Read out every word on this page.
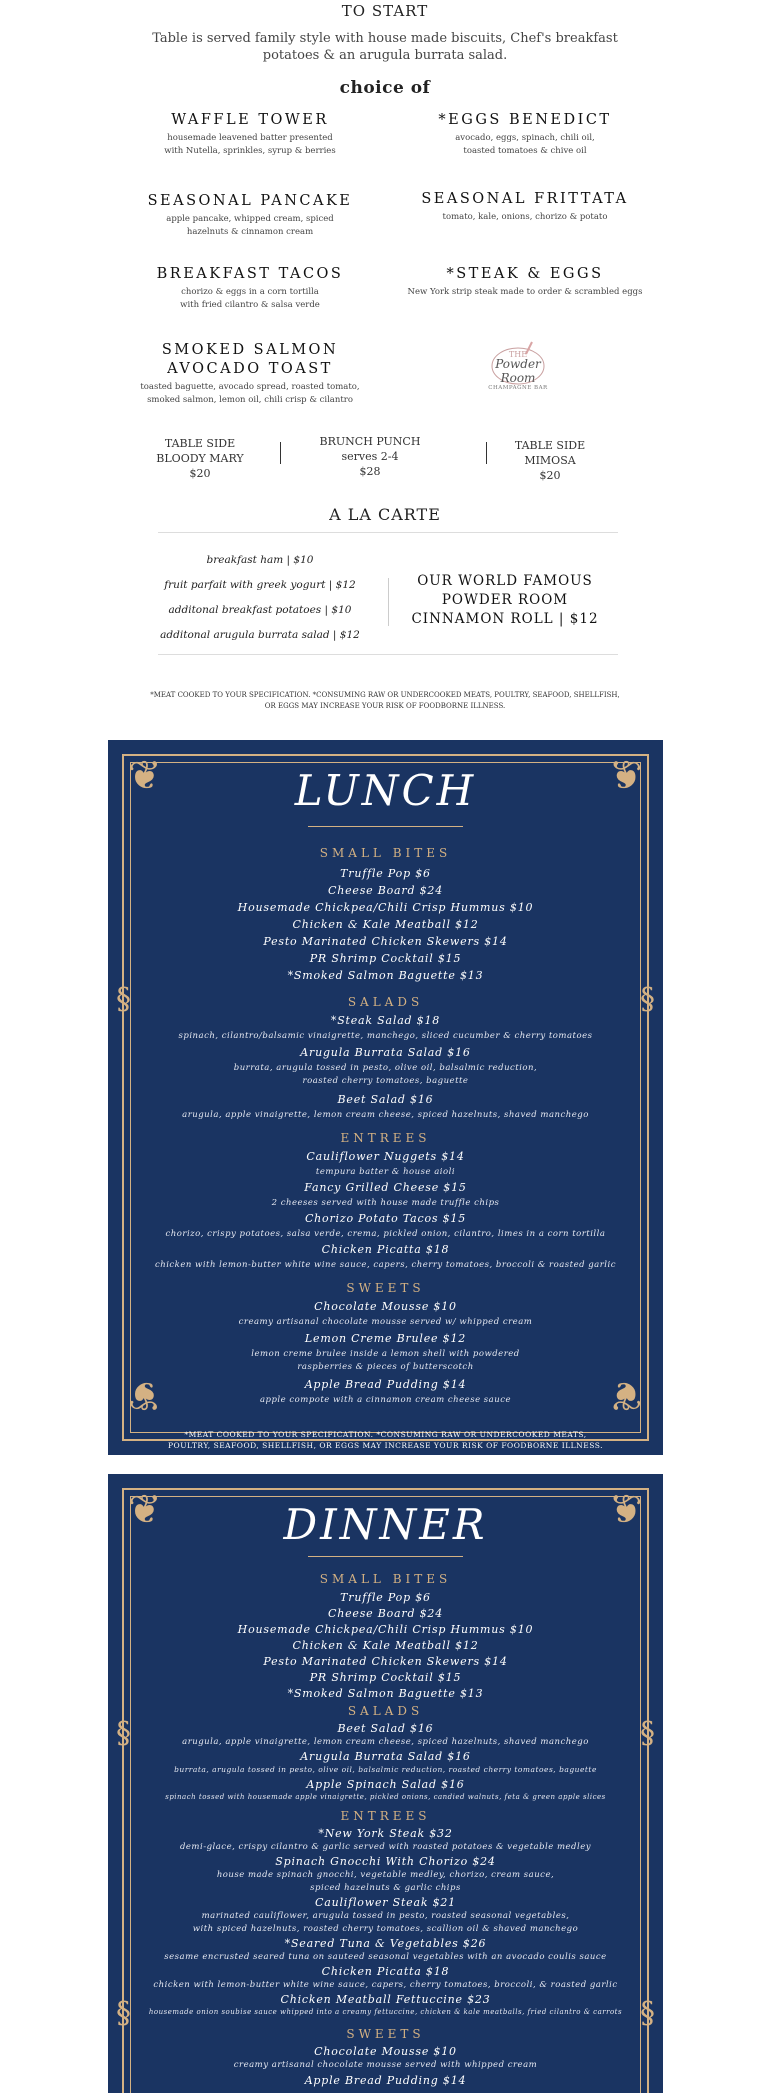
TO START
Table is served family style with house made biscuits, Chef's breakfast
potatoes & an arugula burrata salad.
choice of
WAFFLE TOWER
housemade leavened batter presented
with Nutella, sprinkles, syrup & berries
*EGGS BENEDICT
avocado, eggs, spinach, chili oil,
toasted tomatoes & chive oil
SEASONAL PANCAKE
apple pancake, whipped cream, spiced
hazelnuts & cinnamon cream
SEASONAL FRITTATA
tomato, kale, onions, chorizo & potato
BREAKFAST TACOS
chorizo & eggs in a corn tortilla
with fried cilantro & salsa verde
*STEAK & EGGS
New York strip steak made to order & scrambled eggs
SMOKED SALMON
AVOCADO TOAST
toasted baguette, avocado spread, roasted tomato,
smoked salmon, lemon oil, chili crisp & cilantro
THE
Powder Room
CHAMPAGNE BAR
TABLE SIDE
BLOODY MARY
$20
BRUNCH PUNCH
serves 2-4
$28
TABLE SIDE
MIMOSA
$20
A LA CARTE
breakfast ham | $10
fruit parfait with greek yogurt | $12
additonal breakfast potatoes | $10
additonal arugula burrata salad | $12
OUR WORLD FAMOUS
POWDER ROOM
CINNAMON ROLL | $12
*MEAT COOKED TO YOUR SPECIFICATION. *CONSUMING RAW OR UNDERCOOKED MEATS, POULTRY, SEAFOOD, SHELLFISH,
OR EGGS MAY INCREASE YOUR RISK OF FOODBORNE ILLNESS.
❦	❦
❦	❦
§	§
LUNCH
SMALL BITES
Truffle Pop $6
Cheese Board $24
Housemade Chickpea/Chili Crisp Hummus $10
Chicken & Kale Meatball $12
Pesto Marinated Chicken Skewers $14
PR Shrimp Cocktail $15
*Smoked Salmon Baguette $13
SALADS
*Steak Salad $18
spinach, cilantro/balsamic vinaigrette, manchego, sliced cucumber & cherry tomatoes
Arugula Burrata Salad $16
burrata, arugula tossed in pesto, olive oil, balsalmic reduction,
roasted cherry tomatoes, baguette
Beet Salad $16
arugula, apple vinaigrette, lemon cream cheese, spiced hazelnuts, shaved manchego
ENTREES
Cauliflower Nuggets $14
tempura batter & house aioli
Fancy Grilled Cheese $15
2 cheeses served with house made truffle chips
Chorizo Potato Tacos $15
chorizo, crispy potatoes, salsa verde, crema, pickled onion, cilantro, limes in a corn tortilla
Chicken Picatta $18
chicken with lemon-butter white wine sauce, capers, cherry tomatoes, broccoli & roasted garlic
SWEETS
Chocolate Mousse $10
creamy artisanal chocolate mousse served w/ whipped cream
Lemon Creme Brulee $12
lemon creme brulee inside a lemon shell with powdered
raspberries & pieces of butterscotch
Apple Bread Pudding $14
apple compote with a cinnamon cream cheese sauce
*MEAT COOKED TO YOUR SPECIFICATION. *CONSUMING RAW OR UNDERCOOKED MEATS,
POULTRY, SEAFOOD, SHELLFISH, OR EGGS MAY INCREASE YOUR RISK OF FOODBORNE ILLNESS.
❦	❦
§	§
§	§
DINNER
SMALL BITES
Truffle Pop $6
Cheese Board $24
Housemade Chickpea/Chili Crisp Hummus $10
Chicken & Kale Meatball $12
Pesto Marinated Chicken Skewers $14
PR Shrimp Cocktail $15
*Smoked Salmon Baguette $13
SALADS
Beet Salad $16
arugula, apple vinaigrette, lemon cream cheese, spiced hazelnuts, shaved manchego
Arugula Burrata Salad $16
burrata, arugula tossed in pesto, olive oil, balsalmic reduction, roasted cherry tomatoes, baguette
Apple Spinach Salad $16
spinach tossed with housemade apple vinaigrette, pickled onions, candied walnuts, feta & green apple slices
ENTREES
*New York Steak $32
demi-glace, crispy cilantro & garlic served with roasted potatoes & vegetable medley
Spinach Gnocchi With Chorizo $24
house made spinach gnocchi, vegetable medley, chorizo, cream sauce,
spiced hazelnuts & garlic chips
Cauliflower Steak $21
marinated cauliflower, arugula tossed in pesto, roasted seasonal vegetables,
with spiced hazelnuts, roasted cherry tomatoes, scallion oil & shaved manchego
*Seared Tuna & Vegetables $26
sesame encrusted seared tuna on sauteed seasonal vegetables with an avocado coulis sauce
Chicken Picatta $18
chicken with lemon-butter white wine sauce, capers, cherry tomatoes, broccoli, & roasted garlic
Chicken Meatball Fettuccine $23
housemade onion soubise sauce whipped into a creamy fettuccine, chicken & kale meatballs, fried cilantro & carrots
SWEETS
Chocolate Mousse $10
creamy artisanal chocolate mousse served with whipped cream
Apple Bread Pudding $14
